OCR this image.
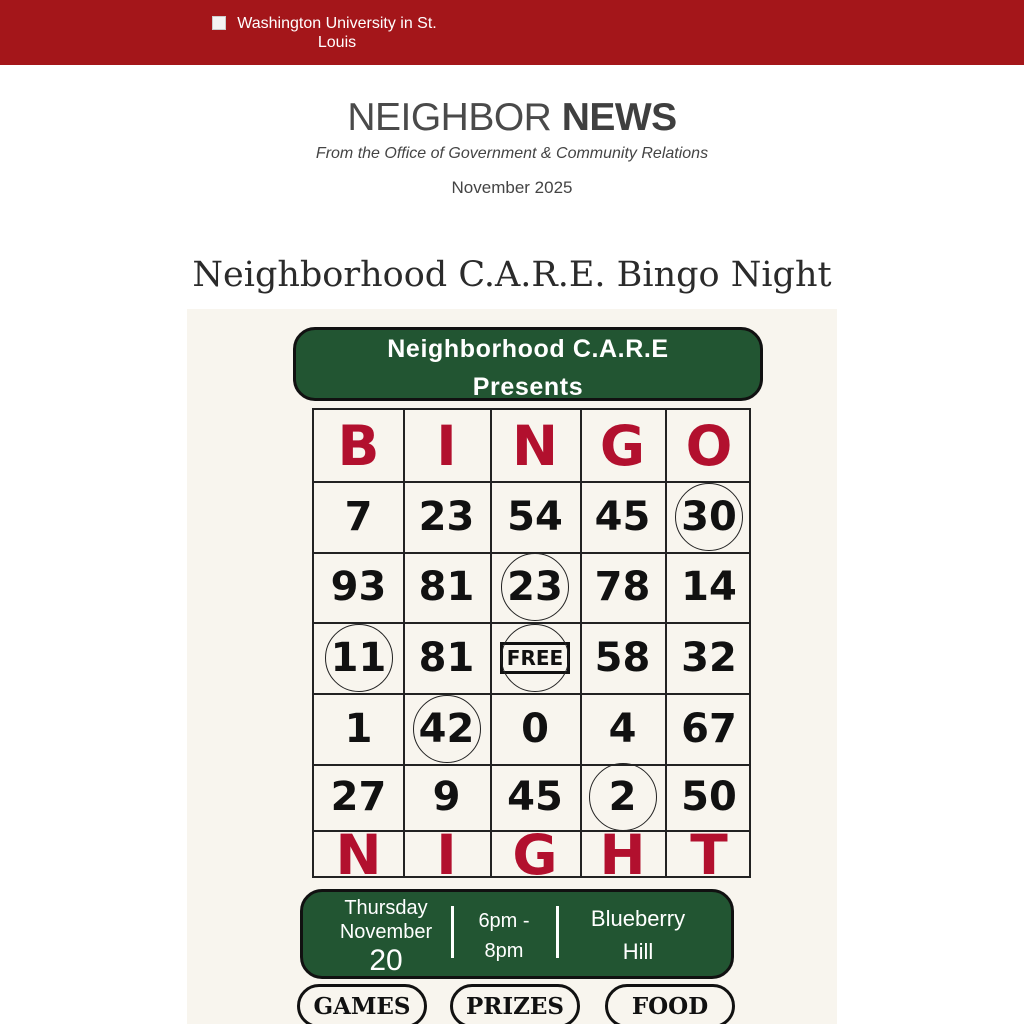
Washington University in St. Louis
NEIGHBOR NEWS
From the Office of Government & Community Relations
November 2025
Neighborhood C.A.R.E. Bingo Night
Neighborhood C.A.R.E
Presents
B I N G O
7 23 54 45 30
93 81 23 78 14
11 81	FREE 58 32
1 42 0 4 67
27 9 45 2 50
N I G H T
Thursday
November
20
6pm -
8pm
Blueberry
Hill
GAMES	PRIZES	FOOD
